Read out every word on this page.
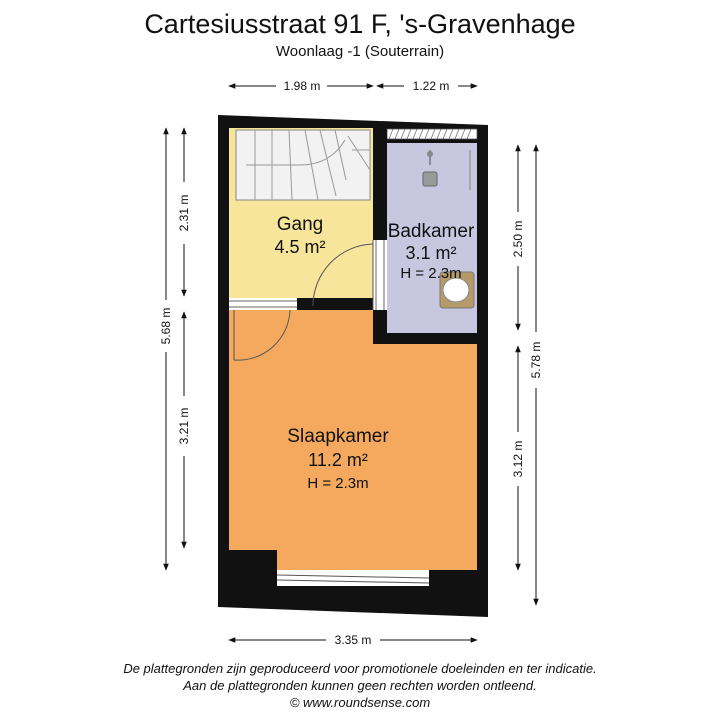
Cartesiusstraat 91 F, 's-Gravenhage
Woonlaag -1 (Souterrain)
Gang
4.5 m²
Badkamer
3.1 m²
H = 2.3m
Slaapkamer
11.2 m²
H = 2.3m
1.98 m	1.22 m
3.35 m
5.68 m
2.31 m
3.21 m
2.50 m
3.12 m
5.78 m
De plattegronden zijn geproduceerd voor promotionele doeleinden en ter indicatie.
Aan de plattegronden kunnen geen rechten worden ontleend.
© www.roundsense.com
